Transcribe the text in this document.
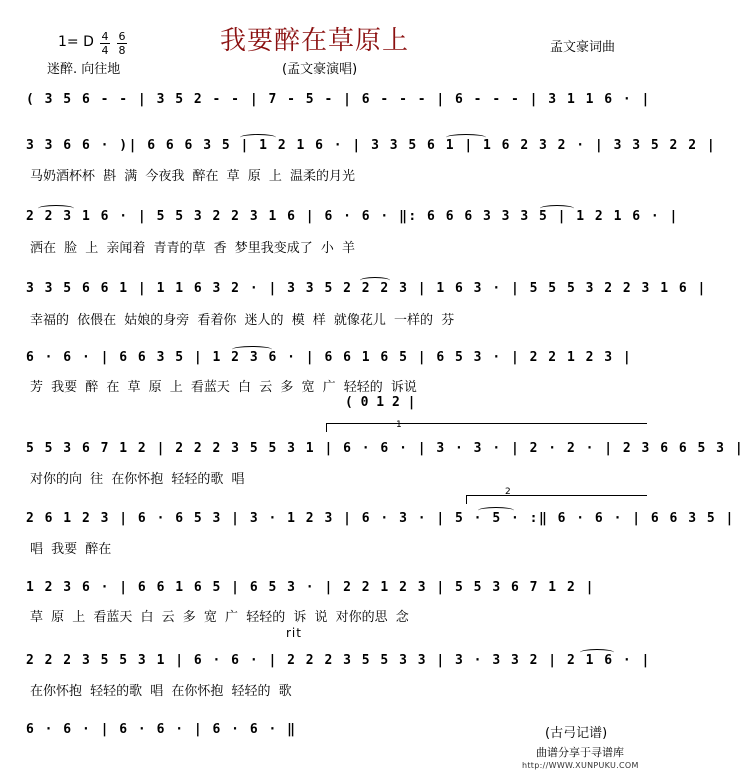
1= D 4
4
6
8
迷醉. 向往地
我要醉在草原上	孟文豪词曲
(孟文豪演唱)
( 3 5 6 - - | 3 5 2 - - | 7 - 5 - | 6 - - - | 6 - - - | 3 1 1 6 · |
3 3 6 6 · )| 6 6 6 3 5 | 1 2 1 6 · | 3 3 5 6 1 | 1 6 2 3 2 · | 3 3 5 2 2 |
马奶酒杯杯 斟 满 今夜我 醉在 草 原 上 温柔的月光
2 2 3 1 6 · | 5 5 3 2 2 3 1 6 | 6 · 6 · ‖: 6 6 6 3 3 3 5 | 1 2 1 6 · |
洒在 脸 上 亲闻着 青青的草 香 梦里我变成了 小 羊
3 3 5 6 6 1 | 1 1 6 3 2 · | 3 3 5 2 2 2 3 | 1 6 3 · | 5 5 5 3 2 2 3 1 6 |
幸福的 依偎在 姑娘的身旁 看着你 迷人的 模 样 就像花儿 一样的 芬
6 · 6 · | 6 6 3 5 | 1 2 3 6 · | 6 6 1 6 5 | 6 5 3 · | 2 2 1 2 3 |
芳 我要 醉 在 草 原 上 看蓝天 白 云 多 宽 广 轻轻的 诉说
( 0 1 2 |
1
5 5 3 6 7 1 2 | 2 2 2 3 5 5 3 1 | 6 · 6 · | 3 · 3 · | 2 · 2 · | 2 3 6 6 5 3 |
对你的向 往 在你怀抱 轻轻的歌 唱
2
2 6 1 2 3 | 6 · 6 5 3 | 3 · 1 2 3 | 6 · 3 · | 5 · 5 · :‖ 6 · 6 · | 6 6 3 5 |
唱 我要 醉在
1 2 3 6 · | 6 6 1 6 5 | 6 5 3 · | 2 2 1 2 3 | 5 5 3 6 7 1 2 |
草 原 上 看蓝天 白 云 多 宽 广 轻轻的 诉 说 对你的思 念
rit
2 2 2 3 5 5 3 1 | 6 · 6 · | 2 2 2 3 5 5 3 3 | 3 · 3 3 2 | 2 1 6 · |
在你怀抱 轻轻的歌 唱 在你怀抱 轻轻的 歌
6 · 6 · | 6 · 6 · | 6 · 6 · ‖	(古弓记谱)
曲谱分享于寻谱库
http://WWW.XUNPUKU.COM
